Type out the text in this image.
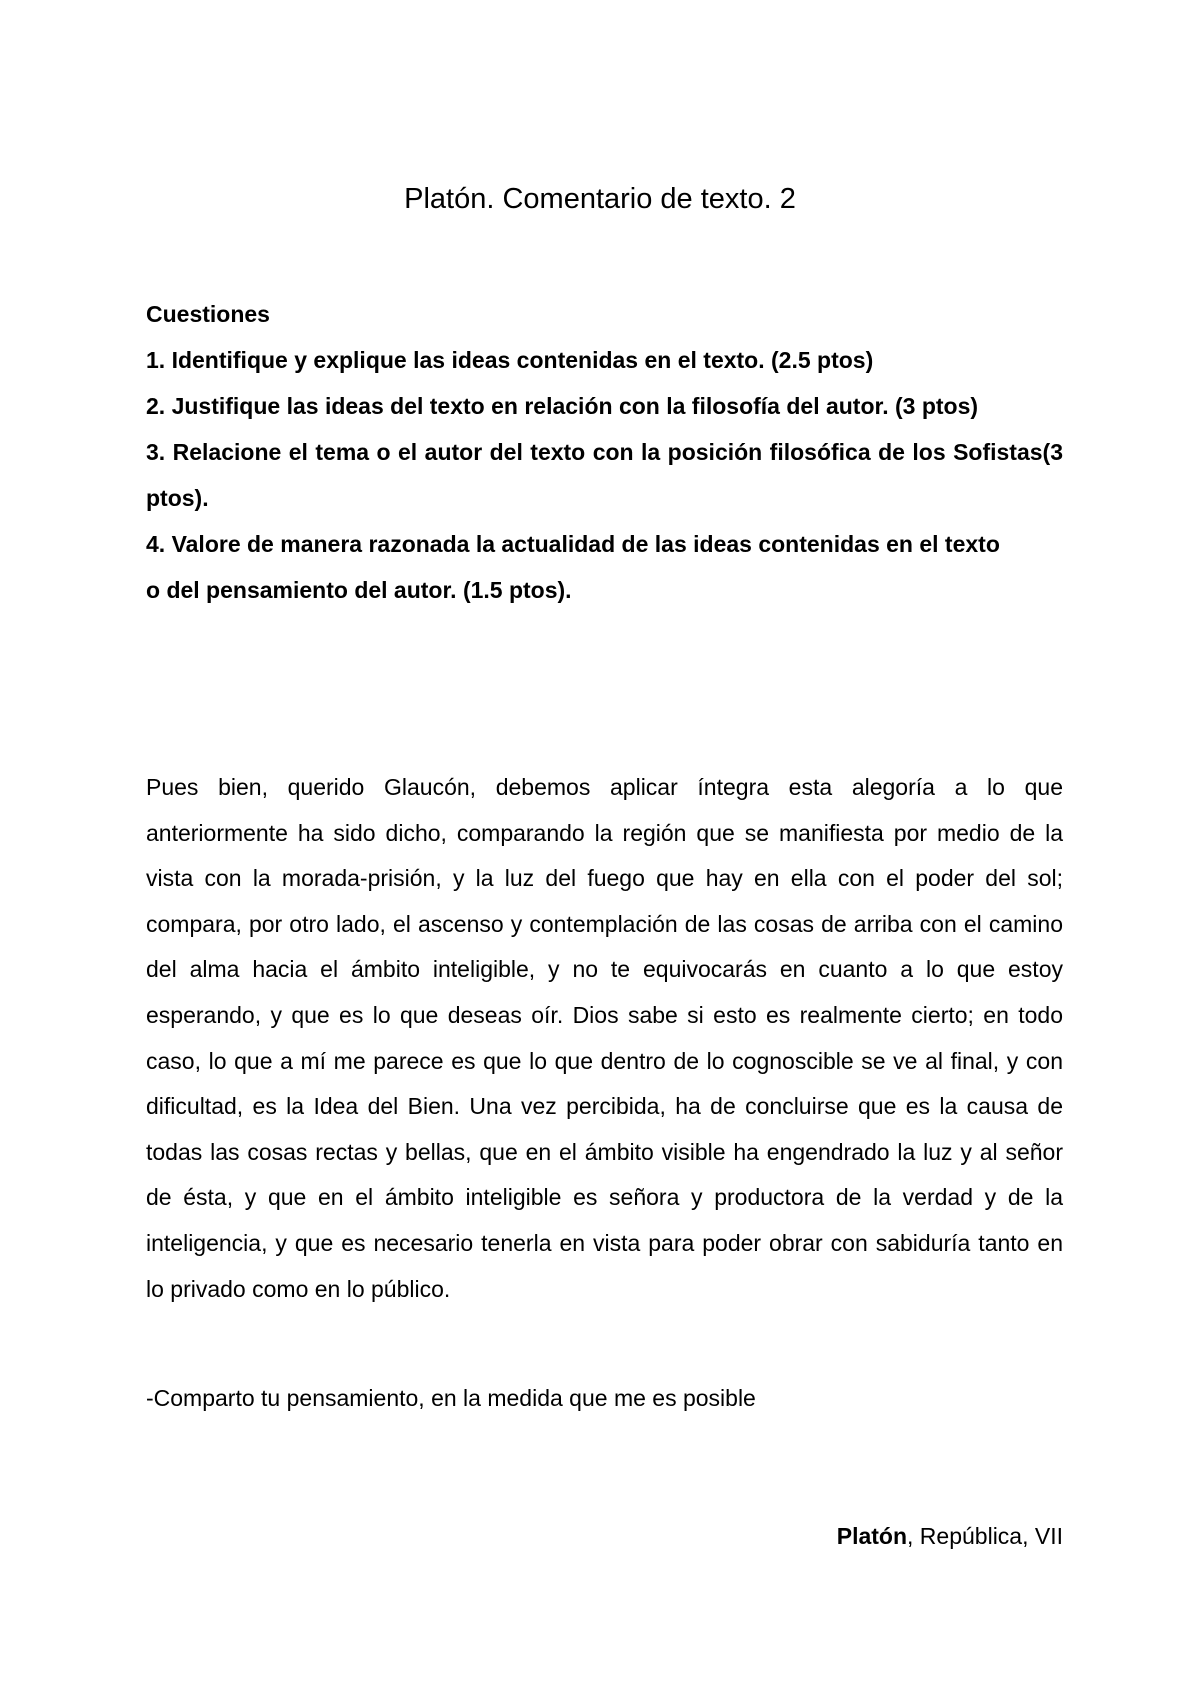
Platón. Comentario de texto. 2
Cuestiones
1. Identifique y explique las ideas contenidas en el texto. (2.5 ptos)
2. Justifique las ideas del texto en relación con la filosofía del autor. (3 ptos)
3. Relacione el tema o el autor del texto con la posición filosófica de los Sofistas(3 ptos).
4. Valore de manera razonada la actualidad de las ideas contenidas en el texto
o del pensamiento del autor. (1.5 ptos).

Pues bien, querido Glaucón, debemos aplicar íntegra esta alegoría a lo que anteriormente ha sido dicho, comparando la región que se manifiesta por medio de la vista con la morada-prisión, y la luz del fuego que hay en ella con el poder del sol; compara, por otro lado, el ascenso y contemplación de las cosas de arriba con el camino del alma hacia el ámbito inteligible, y no te equivocarás en cuanto a lo que estoy esperando, y que es lo que deseas oír. Dios sabe si esto es realmente cierto; en todo caso, lo que a mí me parece es que lo que dentro de lo cognoscible se ve al final, y con dificultad, es la Idea del Bien. Una vez percibida, ha de concluirse que es la causa de todas las cosas rectas y bellas, que en el ámbito visible ha engendrado la luz y al señor de ésta, y que en el ámbito inteligible es señora y productora de la verdad y de la inteligencia, y que es necesario tenerla en vista para poder obrar con sabiduría tanto en lo privado como en lo público.

-Comparto tu pensamiento, en la medida que me es posible

Platón, República, VII
